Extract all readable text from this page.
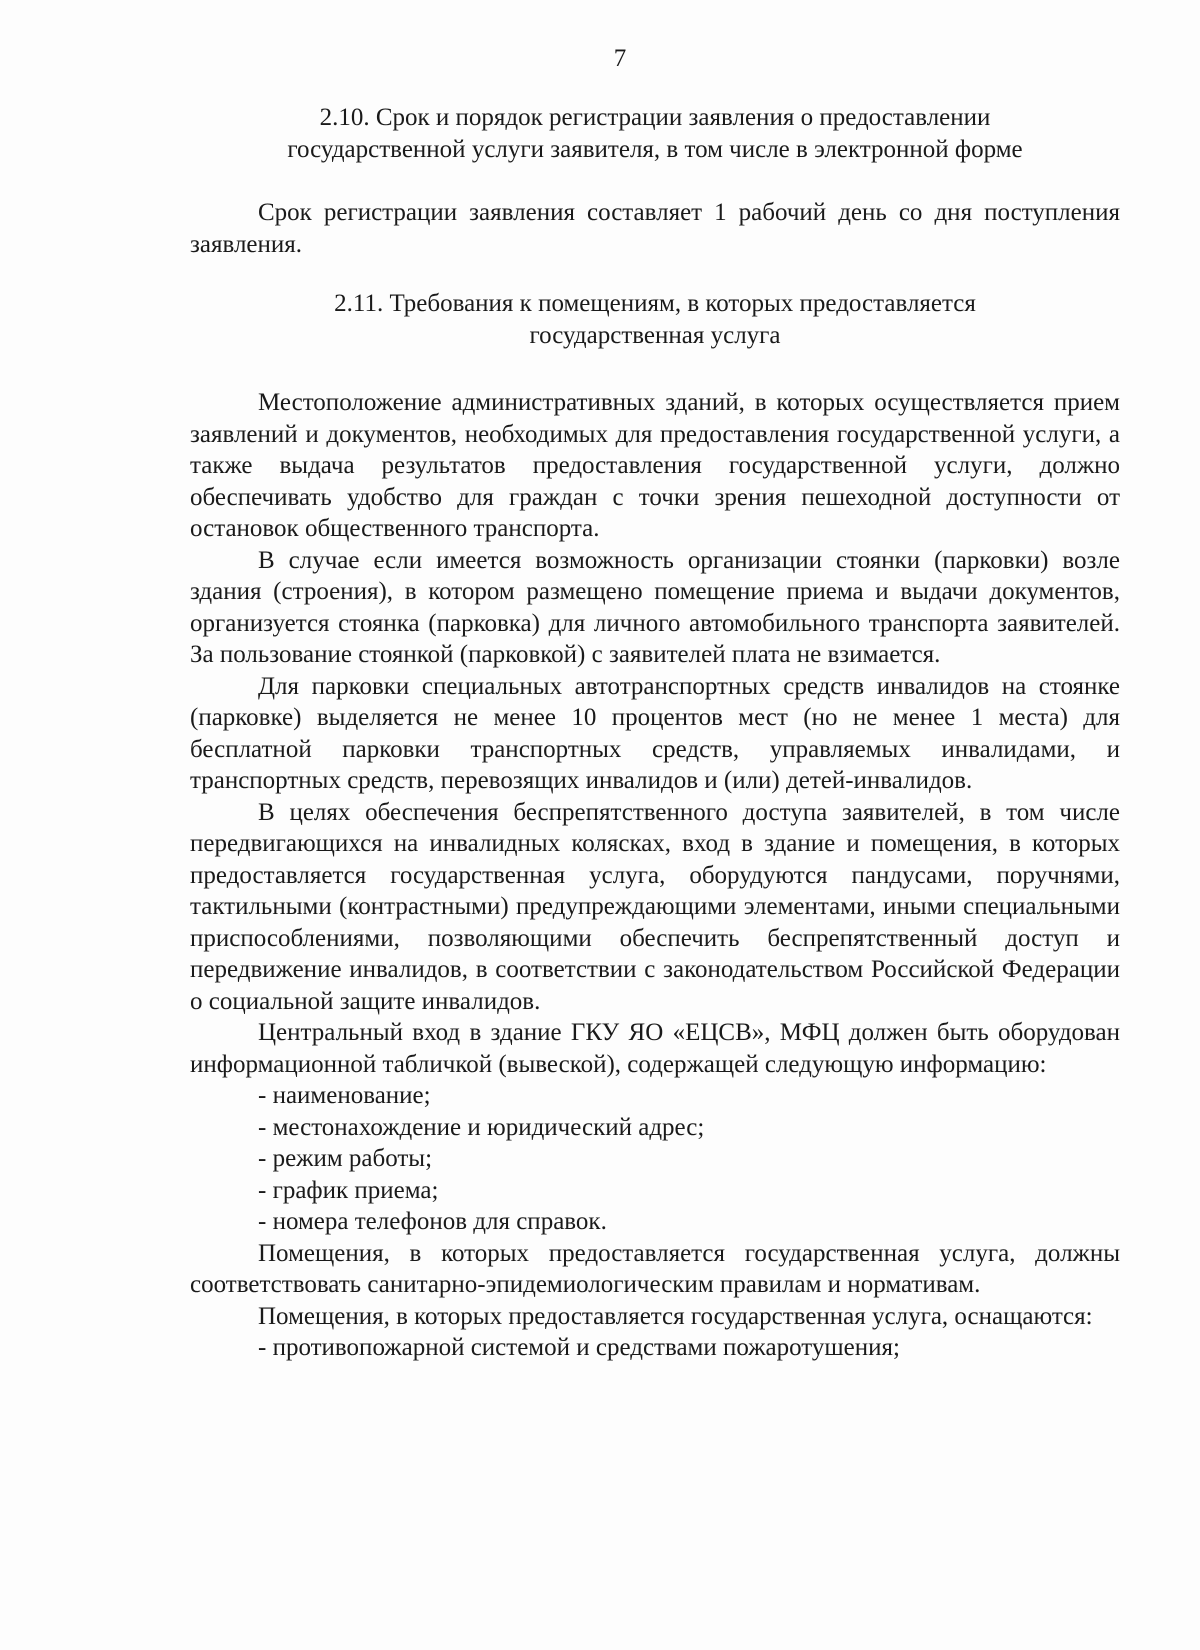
7
2.10. Срок и порядок регистрации заявления о предоставлении
государственной услуги заявителя, в том числе в электронной форме

Срок регистрации заявления составляет 1 рабочий день со дня поступления заявления.

2.11. Требования к помещениям, в которых предоставляется
государственная услуга

Местоположение административных зданий, в которых осуществляется прием заявлений и документов, необходимых для предоставления государственной услуги, а также выдача результатов предоставления государственной услуги, должно обеспечивать удобство для граждан с точки зрения пешеходной доступности от остановок общественного транспорта.

В случае если имеется возможность организации стоянки (парковки) возле здания (строения), в котором размещено помещение приема и выдачи документов, организуется стоянка (парковка) для личного автомобильного транспорта заявителей. За пользование стоянкой (парковкой) с заявителей плата не взимается.

Для парковки специальных автотранспортных средств инвалидов на стоянке (парковке) выделяется не менее 10 процентов мест (но не менее 1 места) для бесплатной парковки транспортных средств, управляемых инвалидами, и транспортных средств, перевозящих инвалидов и (или) детей-инвалидов.

В целях обеспечения беспрепятственного доступа заявителей, в том числе передвигающихся на инвалидных колясках, вход в здание и помещения, в которых предоставляется государственная услуга, оборудуются пандусами, поручнями, тактильными (контрастными) предупреждающими элементами, иными специальными приспособлениями, позволяющими обеспечить беспрепятственный доступ и передвижение инвалидов, в соответствии с законодательством Российской Федерации о социальной защите инвалидов.

Центральный вход в здание ГКУ ЯО «ЕЦСВ», МФЦ должен быть оборудован информационной табличкой (вывеской), содержащей следующую информацию:

- наименование;

- местонахождение и юридический адрес;

- режим работы;

- график приема;

- номера телефонов для справок.

Помещения, в которых предоставляется государственная услуга, должны соответствовать санитарно-эпидемиологическим правилам и нормативам.

Помещения, в которых предоставляется государственная услуга, оснащаются:

- противопожарной системой и средствами пожаротушения;
